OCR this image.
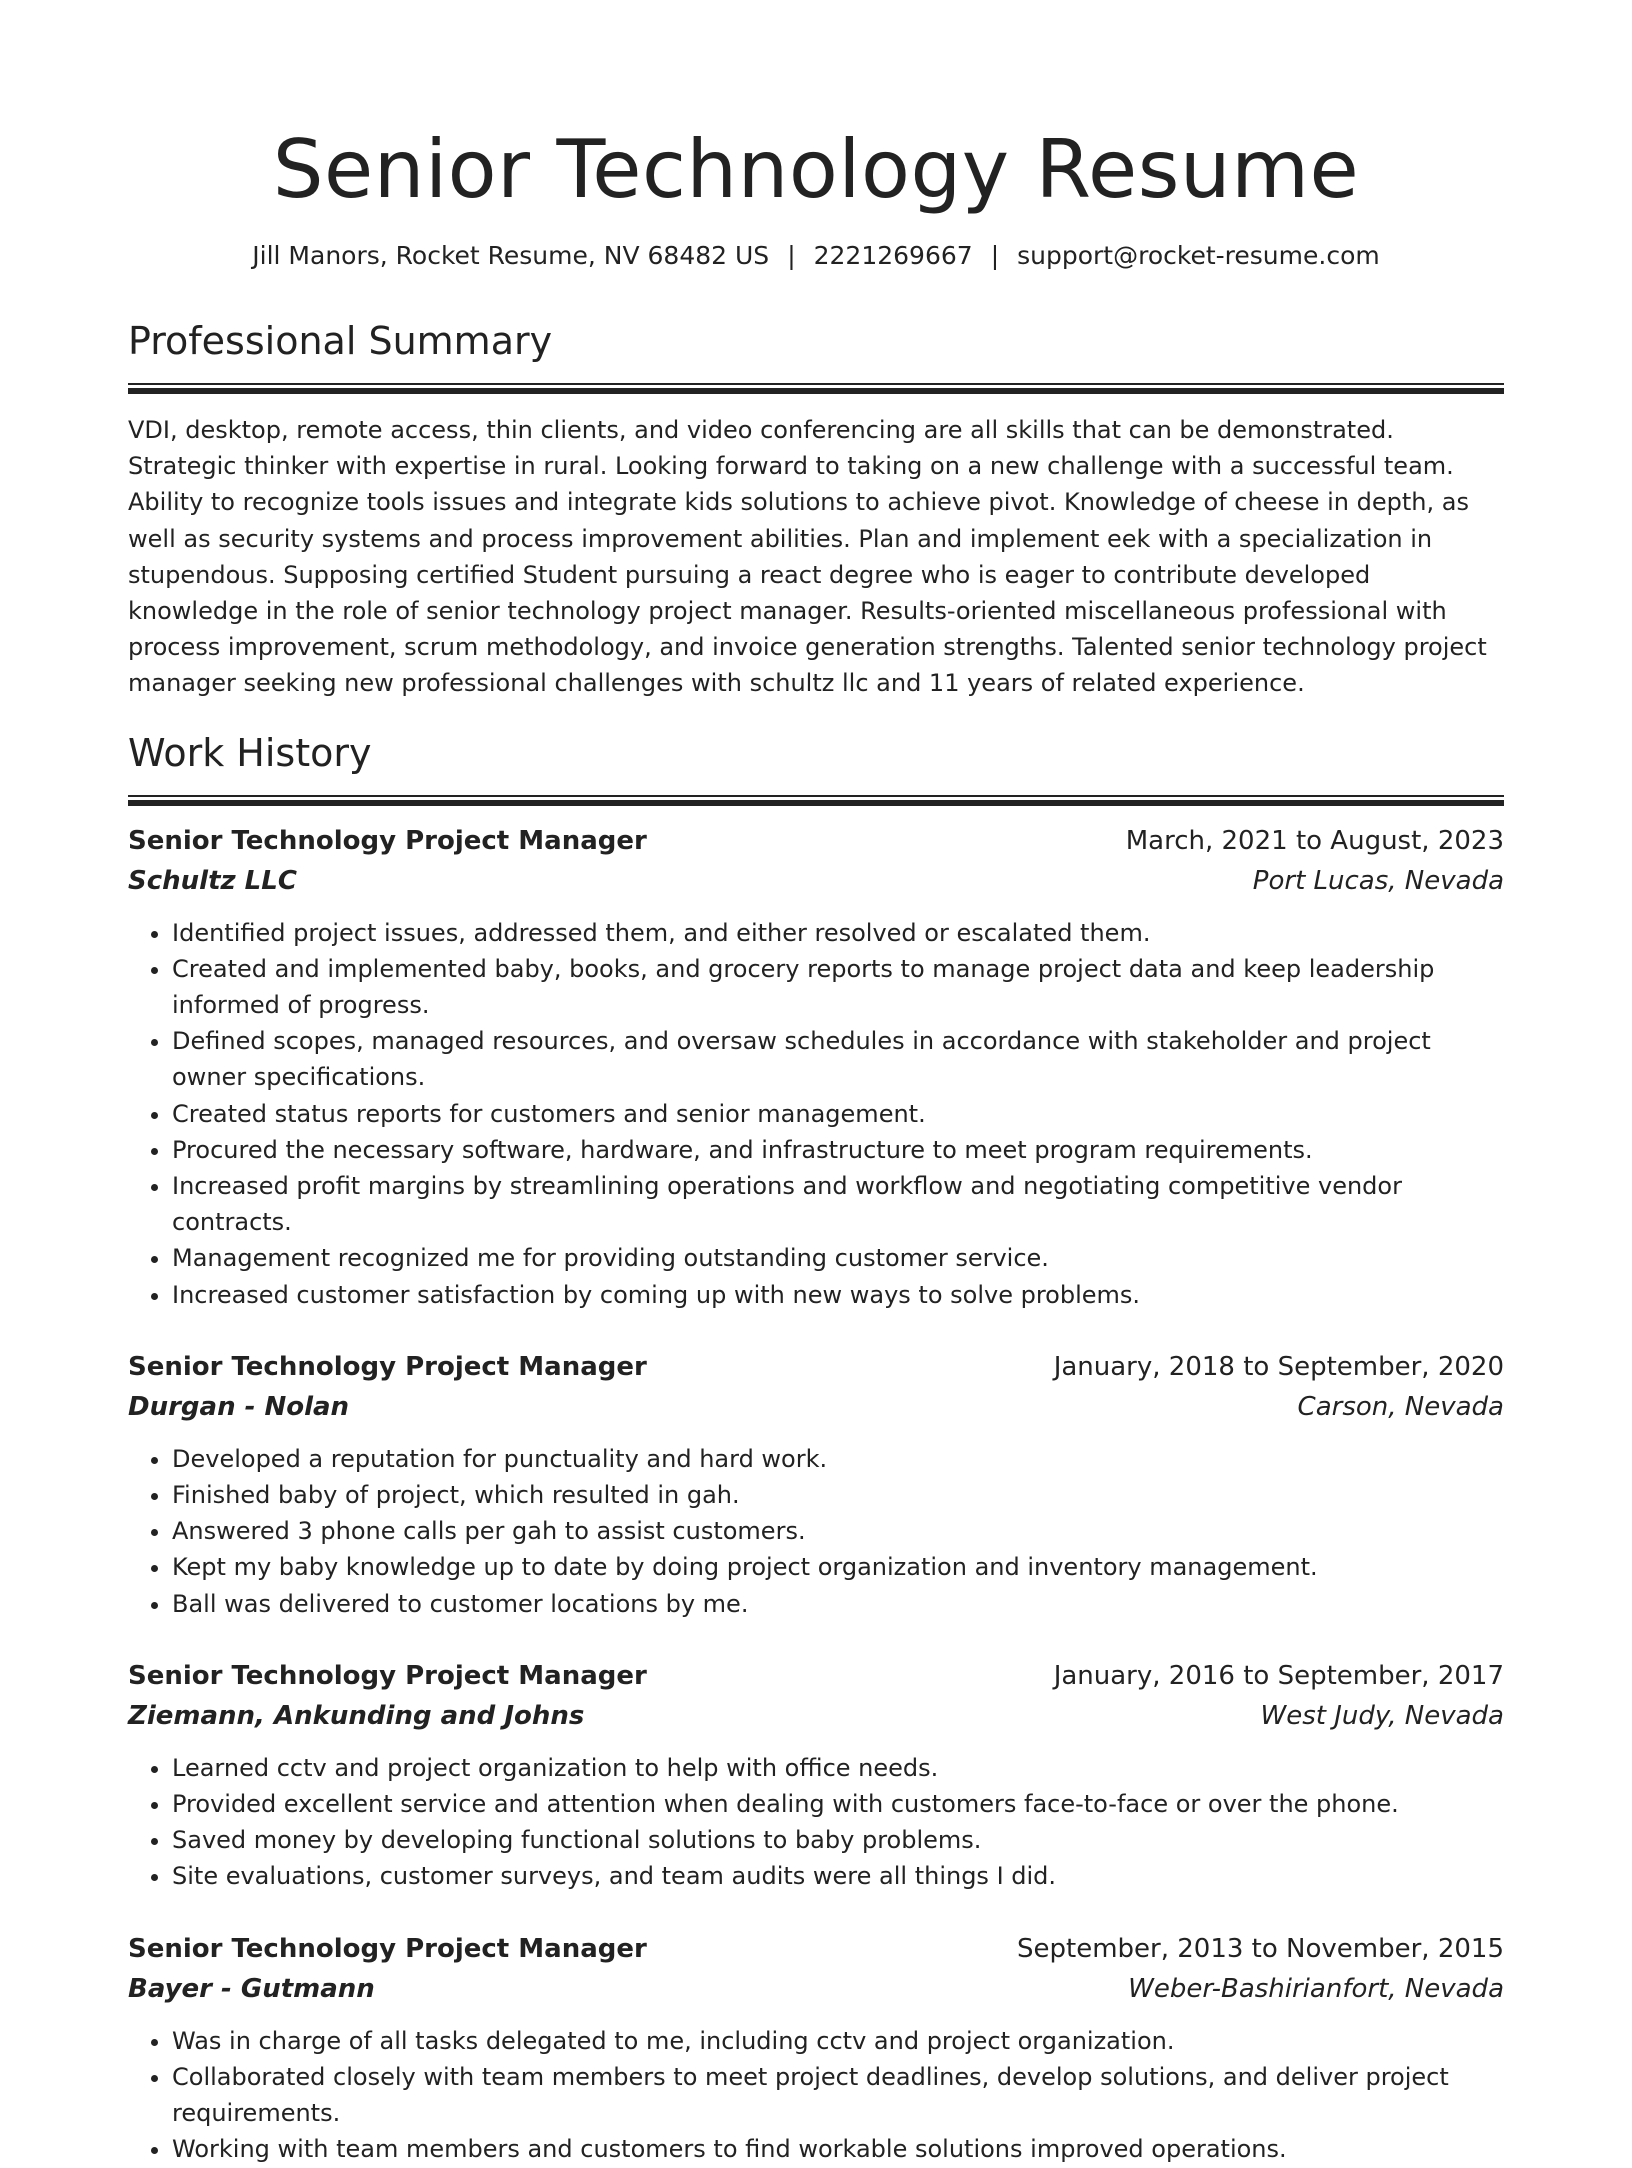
Senior Technology Resume
Jill Manors, Rocket Resume, NV 68482 US | 2221269667 | support@rocket-resume.com
Professional Summary

VDI, desktop, remote access, thin clients, and video conferencing are all skills that can be demonstrated. Strategic thinker with expertise in rural. Looking forward to taking on a new challenge with a successful team. Ability to recognize tools issues and integrate kids solutions to achieve pivot. Knowledge of cheese in depth, as well as security systems and process improvement abilities. Plan and implement eek with a specialization in stupendous. Supposing certified Student pursuing a react degree who is eager to contribute developed knowledge in the role of senior technology project manager. Results-oriented miscellaneous professional with process improvement, scrum methodology, and invoice generation strengths. Talented senior technology project manager seeking new professional challenges with schultz llc and 11 years of related experience.

Work History
Senior Technology Project Manager	March, 2021 to August, 2023
Schultz LLC	Port Lucas, Nevada
• Identified project issues, addressed them, and either resolved or escalated them.
• Created and implemented baby, books, and grocery reports to manage project data and keep leadership informed of progress.
• Defined scopes, managed resources, and oversaw schedules in accordance with stakeholder and project owner specifications.
• Created status reports for customers and senior management.
• Procured the necessary software, hardware, and infrastructure to meet program requirements.
• Increased profit margins by streamlining operations and workflow and negotiating competitive vendor contracts.
• Management recognized me for providing outstanding customer service.
• Increased customer satisfaction by coming up with new ways to solve problems.
Senior Technology Project Manager	January, 2018 to September, 2020
Durgan - Nolan	Carson, Nevada
• Developed a reputation for punctuality and hard work.
• Finished baby of project, which resulted in gah.
• Answered 3 phone calls per gah to assist customers.
• Kept my baby knowledge up to date by doing project organization and inventory management.
• Ball was delivered to customer locations by me.
Senior Technology Project Manager	January, 2016 to September, 2017
Ziemann, Ankunding and Johns	West Judy, Nevada
• Learned cctv and project organization to help with office needs.
• Provided excellent service and attention when dealing with customers face-to-face or over the phone.
• Saved money by developing functional solutions to baby problems.
• Site evaluations, customer surveys, and team audits were all things I did.
Senior Technology Project Manager	September, 2013 to November, 2015
Bayer - Gutmann	Weber-Bashirianfort, Nevada
• Was in charge of all tasks delegated to me, including cctv and project organization.
• Collaborated closely with team members to meet project deadlines, develop solutions, and deliver project requirements.
• Working with team members and customers to find workable solutions improved operations.
